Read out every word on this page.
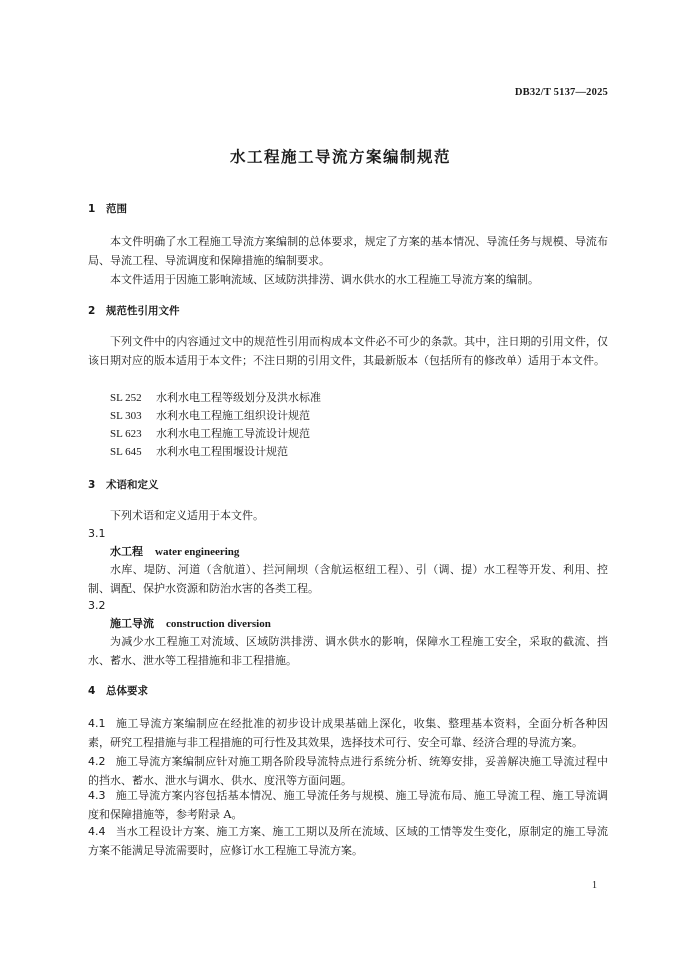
DB32/T 5137—2025
水工程施工导流方案编制规范
1 范围
本文件明确了水工程施工导流方案编制的总体要求，规定了方案的基本情况、导流任务与规模、导流布局、导流工程、导流调度和保障措施的编制要求。
本文件适用于因施工影响流域、区域防洪排涝、调水供水的水工程施工导流方案的编制。
2 规范性引用文件
下列文件中的内容通过文中的规范性引用而构成本文件必不可少的条款。其中，注日期的引用文件，仅该日期对应的版本适用于本文件；不注日期的引用文件，其最新版本（包括所有的修改单）适用于本文件。
SL 252 水利水电工程等级划分及洪水标准
SL 303 水利水电工程施工组织设计规范
SL 623 水利水电工程施工导流设计规范
SL 645 水利水电工程围堰设计规范
3 术语和定义
下列术语和定义适用于本文件。
3.1
水工程 water engineering
水库、堤防、河道（含航道）、拦河闸坝（含航运枢纽工程）、引（调、提）水工程等开发、利用、控制、调配、保护水资源和防治水害的各类工程。
3.2
施工导流 construction diversion
为减少水工程施工对流域、区域防洪排涝、调水供水的影响，保障水工程施工安全，采取的截流、挡水、蓄水、泄水等工程措施和非工程措施。
4 总体要求
4.1 施工导流方案编制应在经批准的初步设计成果基础上深化，收集、整理基本资料，全面分析各种因素，研究工程措施与非工程措施的可行性及其效果，选择技术可行、安全可靠、经济合理的导流方案。
4.2 施工导流方案编制应针对施工期各阶段导流特点进行系统分析、统筹安排，妥善解决施工导流过程中的挡水、蓄水、泄水与调水、供水、度汛等方面问题。
4.3 施工导流方案内容包括基本情况、施工导流任务与规模、施工导流布局、施工导流工程、施工导流调度和保障措施等，参考附录 A。
4.4 当水工程设计方案、施工方案、施工工期以及所在流域、区域的工情等发生变化，原制定的施工导流方案不能满足导流需要时，应修订水工程施工导流方案。
1
